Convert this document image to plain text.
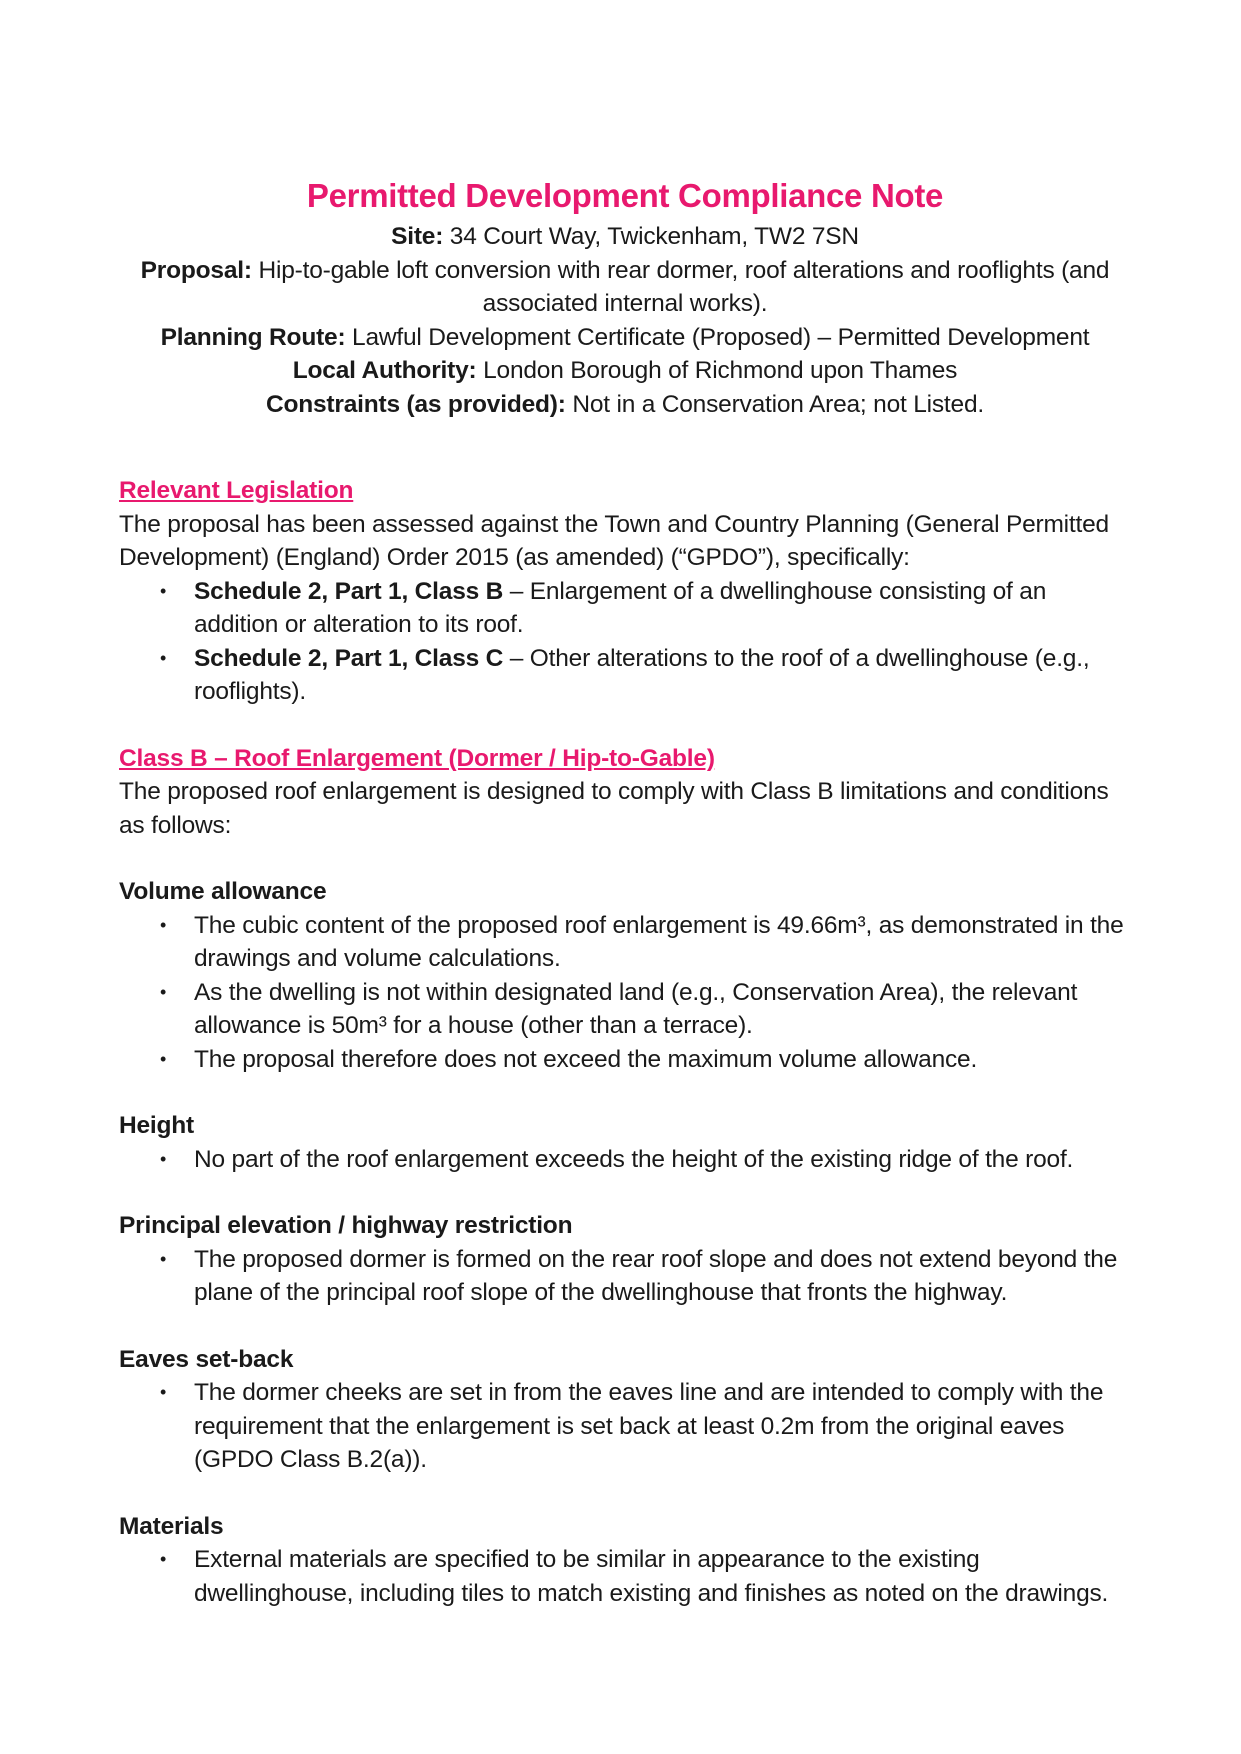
Permitted Development Compliance Note

Site: 34 Court Way, Twickenham, TW2 7SN

Proposal: Hip-to-gable loft conversion with rear dormer, roof alterations and rooflights (and associated internal works).

Planning Route: Lawful Development Certificate (Proposed) – Permitted Development

Local Authority: London Borough of Richmond upon Thames

Constraints (as provided): Not in a Conservation Area; not Listed.

Relevant Legislation

The proposal has been assessed against the Town and Country Planning (General Permitted Development) (England) Order 2015 (as amended) (“GPDO”), specifically:

• Schedule 2, Part 1, Class B – Enlargement of a dwellinghouse consisting of an addition or alteration to its roof.
• Schedule 2, Part 1, Class C – Other alterations to the roof of a dwellinghouse (e.g., rooflights).
Class B – Roof Enlargement (Dormer / Hip-to-Gable)

The proposed roof enlargement is designed to comply with Class B limitations and conditions as follows:

Volume allowance
• The cubic content of the proposed roof enlargement is 49.66m³, as demonstrated in the drawings and volume calculations.
• As the dwelling is not within designated land (e.g., Conservation Area), the relevant allowance is 50m³ for a house (other than a terrace).
• The proposal therefore does not exceed the maximum volume allowance.
Height
• No part of the roof enlargement exceeds the height of the existing ridge of the roof.
Principal elevation / highway restriction
• The proposed dormer is formed on the rear roof slope and does not extend beyond the plane of the principal roof slope of the dwellinghouse that fronts the highway.
Eaves set-back
• The dormer cheeks are set in from the eaves line and are intended to comply with the requirement that the enlargement is set back at least 0.2m from the original eaves (GPDO Class B.2(a)).
Materials
• External materials are specified to be similar in appearance to the existing dwellinghouse, including tiles to match existing and finishes as noted on the drawings.
